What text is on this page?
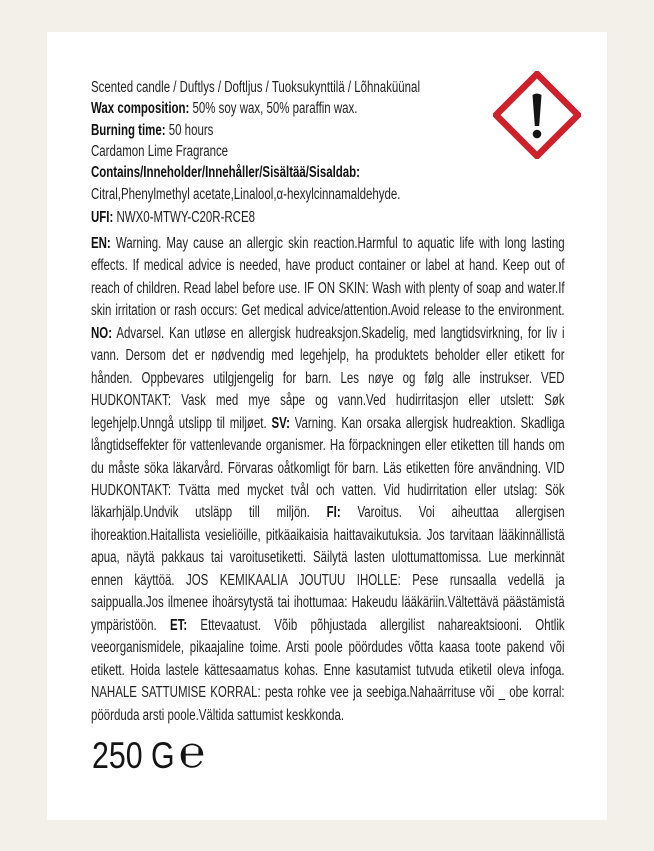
Scented candle / Duftlys / Doftljus / Tuoksukynttilä / Lõhnaküünal
Wax composition: 50% soy wax, 50% paraffin wax.
Burning time: 50 hours
Cardamon Lime Fragrance
Contains/Inneholder/Innehåller/Sisältää/Sisaldab:
Citral,Phenylmethyl acetate,Linalool,α-hexylcinnamaldehyde.
UFI: NWX0-MTWY-C20R-RCE8
EN: Warning. May cause an allergic skin reaction.Harmful to aquatic life with long lasting effects. If medical advice is needed, have product container or label at hand. Keep out of reach of children. Read label before use. IF ON SKIN: Wash with plenty of soap and water.If skin irritation or rash occurs: Get medical advice/attention.Avoid release to the environment. NO: Advarsel. Kan utløse en allergisk hudreaksjon.Skadelig, med langtidsvirkning, for liv i vann. Dersom det er nødvendig med legehjelp, ha produktets beholder eller etikett for hånden. Oppbevares utilgjengelig for barn. Les nøye og følg alle instrukser. VED HUDKONTAKT: Vask med mye såpe og vann.Ved hudirritasjon eller utslett: Søk legehjelp.Unngå utslipp til miljøet. SV: Varning. Kan orsaka allergisk hudreaktion. Skadliga långtidseffekter för vattenlevande organismer. Ha förpackningen eller etiketten till hands om du måste söka läkarvård. Förvaras oåtkomligt för barn. Läs etiketten före användning. VID HUDKONTAKT: Tvätta med mycket tvål och vatten. Vid hudirritation eller utslag: Sök läkarhjälp.Undvik utsläpp till miljön. FI: Varoitus. Voi aiheuttaa allergisen ihoreaktion.Haitallista vesieliöille, pitkäaikaisia haittavaikutuksia. Jos tarvitaan lääkinnällistä apua, näytä pakkaus tai varoitusetiketti. Säilytä lasten ulottumattomissa. Lue merkinnät ennen käyttöä. JOS KEMIKAALIA JOUTUU IHOLLE: Pese runsaalla vedellä ja saippualla.Jos ilmenee ihoärsytystä tai ihottumaa: Hakeudu lääkäriin.Vältettävä päästämistä ympäristöön. ET: Ettevaatust. Võib põhjustada allergilist nahareaktsiooni. Ohtlik veeorganismidele, pikaajaline toime. Arsti poole pöördudes võtta kaasa toote pakend või etikett. Hoida lastele kättesaamatus kohas. Enne kasutamist tutvuda etiketil oleva infoga. NAHALE SATTUMISE KORRAL: pesta rohke vee ja seebiga.Nahaärrituse või _ obe korral: pöörduda arsti poole.Vältida sattumist keskkonda.
250 G ℮
